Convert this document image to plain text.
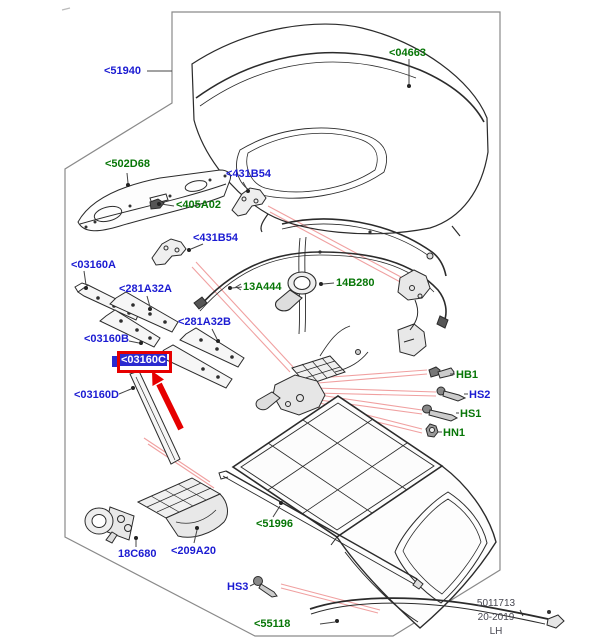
<51940
<04663
<502D68
<405A02
<431B54
<431B54
<03160A
<281A32A	13A444	14B280
<281A32B
<03160B
<03160C
<03160D
18C680 <209A20
<51996
HB1
HS2
HS1
HN1
HS3
<55118
5011713
20-2019
LH
